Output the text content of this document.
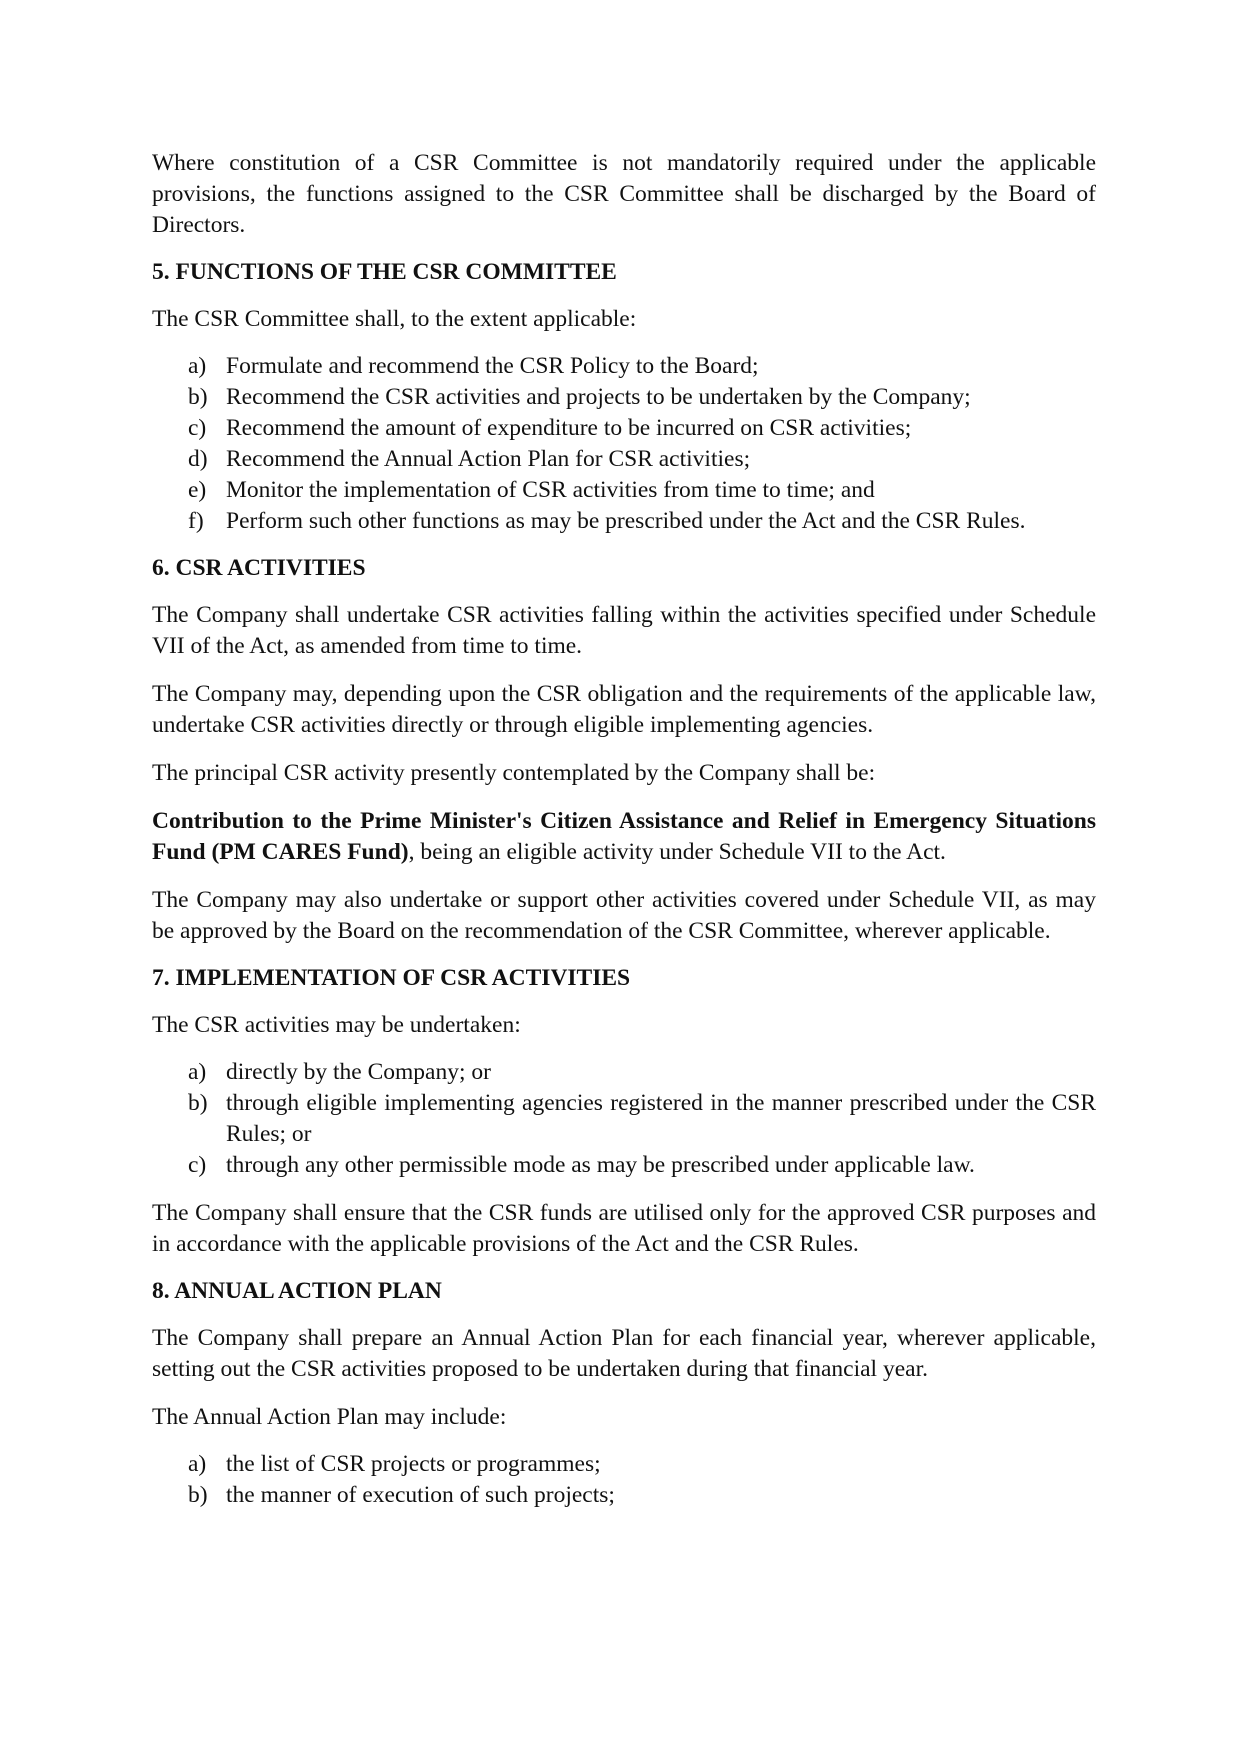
Where constitution of a CSR Committee is not mandatorily required under the applicable provisions, the functions assigned to the CSR Committee shall be discharged by the Board of Directors.

5. FUNCTIONS OF THE CSR COMMITTEE

The CSR Committee shall, to the extent applicable:

a) Formulate and recommend the CSR Policy to the Board;
b) Recommend the CSR activities and projects to be undertaken by the Company;
c) Recommend the amount of expenditure to be incurred on CSR activities;
d) Recommend the Annual Action Plan for CSR activities;
e) Monitor the implementation of CSR activities from time to time; and
f) Perform such other functions as may be prescribed under the Act and the CSR Rules.
6. CSR ACTIVITIES

The Company shall undertake CSR activities falling within the activities specified under Schedule VII of the Act, as amended from time to time.

The Company may, depending upon the CSR obligation and the requirements of the applicable law, undertake CSR activities directly or through eligible implementing agencies.

The principal CSR activity presently contemplated by the Company shall be:

Contribution to the Prime Minister's Citizen Assistance and Relief in Emergency Situations Fund (PM CARES Fund), being an eligible activity under Schedule VII to the Act.

The Company may also undertake or support other activities covered under Schedule VII, as may be approved by the Board on the recommendation of the CSR Committee, wherever applicable.

7. IMPLEMENTATION OF CSR ACTIVITIES

The CSR activities may be undertaken:

a) directly by the Company; or
b) through eligible implementing agencies registered in the manner prescribed under the CSR Rules; or
c) through any other permissible mode as may be prescribed under applicable law.

The Company shall ensure that the CSR funds are utilised only for the approved CSR purposes and in accordance with the applicable provisions of the Act and the CSR Rules.

8. ANNUAL ACTION PLAN

The Company shall prepare an Annual Action Plan for each financial year, wherever applicable, setting out the CSR activities proposed to be undertaken during that financial year.

The Annual Action Plan may include:

a) the list of CSR projects or programmes;
b) the manner of execution of such projects;
